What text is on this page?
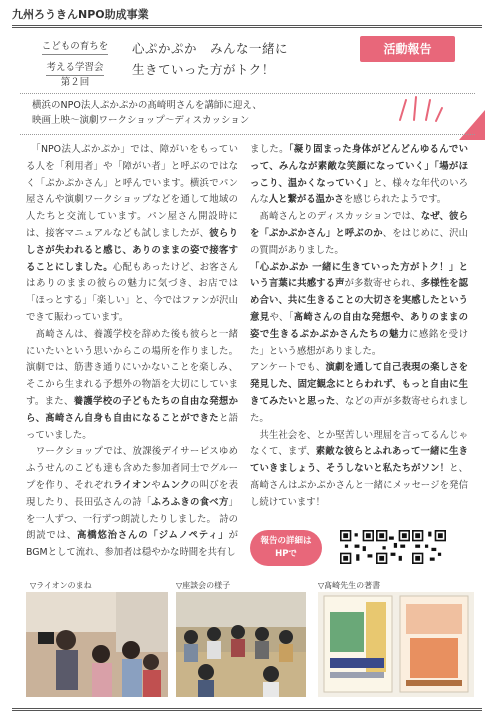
九州ろうきんNPO助成事業
こどもの育ちを
考える学習会
第２回
心ぷかぷか　みんな一緒に
生きていった方がトク！
活動報告
横浜のNPO法人ぷかぷかの髙崎明さんを講師に迎え、
映画上映〜演劇ワークショップ〜ディスカッション

　「NPO法人ぷかぷか」では、障がいをもっている人を「利用者」や「障がい者」と呼ぶのではなく「ぷかぷかさん」と呼んでいます。横浜でパン屋さんや演劇ワークショップなどを通して地域の人たちと交流しています。パン屋さん開設時には、接客マニュアルなども試しましたが、彼らりしさが失われると感じ、ありのままの姿で接客することにしました。心配もあったけど、お客さんはありのままの彼らの魅力に気づき、お店では「ほっとする」「楽しい」と、今ではファンが沢山できて賑わっています。

　髙崎さんは、養護学校を辞めた後も彼らと一緒にいたいという思いからこの場所を作りました。演劇では、筋書き通りにいかないことを楽しみ、そこから生まれる予想外の物語を大切にしています。また、養護学校の子どもたちの自由な発想から、髙崎さん自身も自由になることができたと語っていました。

　ワークショップでは、放課後デイサービスゆめふうせんのこども達も含めた参加者同士でグループを作り、それぞれライオンやムンクの叫びを表現したり、長田弘さんの詩「ふろふきの食べ方」を一人ずつ、一行ずつ朗読したりしました。 詩の朗読では、高橋悠治さんの「ジムノペティ」がBGMとして流れ、参加者は穏やかな時間を共有し

ました。「凝り固まった身体がどんどんゆるんでいって、みんなが素敵な笑顔になっていく」「場がほっこり、温かくなっていく」と、様々な年代のいろんな人と繋がる温かさを感じられたようです。

　髙崎さんとのディスカッションでは、なぜ、彼らを「ぷかぷかさん」と呼ぶのか、をはじめに、沢山の質問がありました。

「心ぷかぷか 一緒に生きていった方がトク！」という言葉に共感する声が多数寄せられ、多様性を認め合い、共に生きることの大切さを実感したという意見や、「髙崎さんの自由な発想や、ありのままの姿で生きるぷかぷかさんたちの魅力に感銘を受けた」という感想がありました。

アンケートでも、演劇を通して自己表現の楽しさを発見した、固定観念にとらわれず、もっと自由に生きてみたいと思った、などの声が多数寄せられました。

　共生社会を、とか堅苦しい理屈を言ってるんじゃなくて、まず、素敵な彼らとふれあって一緒に生きていきましょう、そうしないと私たちがソン！と、髙崎さんはぷかぷかさんと一緒にメッセージを発信し続けています！

報告の詳細は
HPで
▽ライオンのまね	▽座談会の様子	▽髙崎先生の著書
